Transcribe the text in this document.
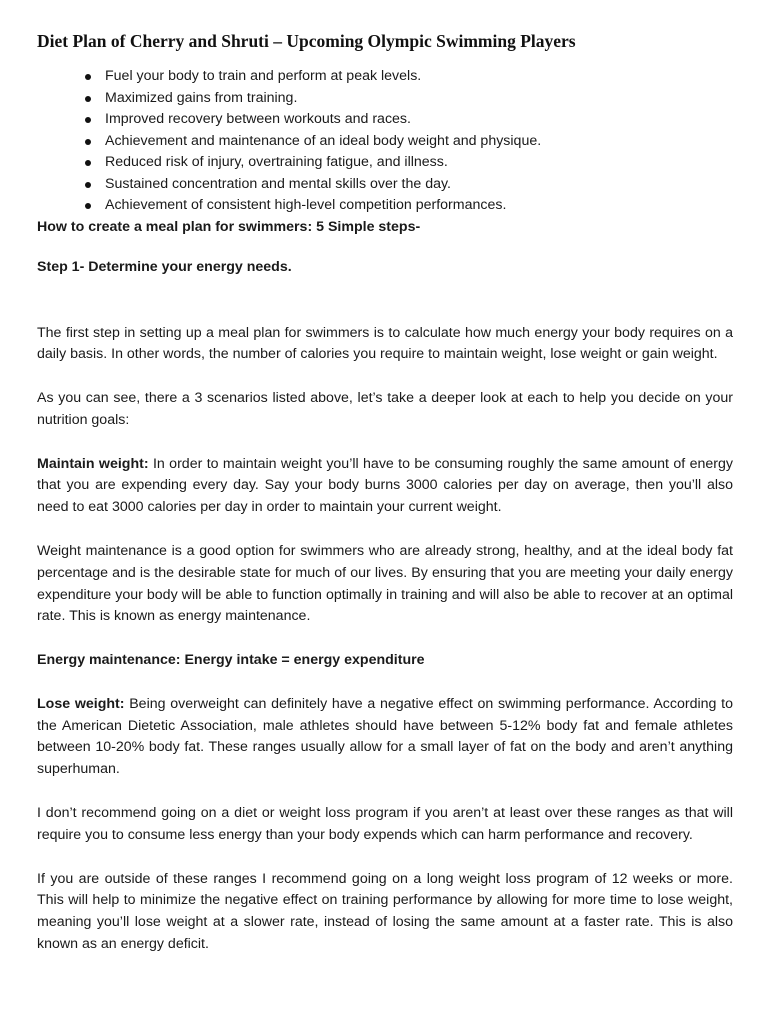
Diet Plan of Cherry and Shruti – Upcoming Olympic Swimming Players
Fuel your body to train and perform at peak levels.
Maximized gains from training.
Improved recovery between workouts and races.
Achievement and maintenance of an ideal body weight and physique.
Reduced risk of injury, overtraining fatigue, and illness.
Sustained concentration and mental skills over the day.
Achievement of consistent high-level competition performances.
How to create a meal plan for swimmers: 5 Simple steps-
Step 1- Determine your energy needs.

The first step in setting up a meal plan for swimmers is to calculate how much energy your body requires on a daily basis. In other words, the number of calories you require to maintain weight, lose weight or gain weight.

As you can see, there a 3 scenarios listed above, let’s take a deeper look at each to help you decide on your nutrition goals:

Maintain weight: In order to maintain weight you’ll have to be consuming roughly the same amount of energy that you are expending every day. Say your body burns 3000 calories per day on average, then you’ll also need to eat 3000 calories per day in order to maintain your current weight.

Weight maintenance is a good option for swimmers who are already strong, healthy, and at the ideal body fat percentage and is the desirable state for much of our lives. By ensuring that you are meeting your daily energy expenditure your body will be able to function optimally in training and will also be able to recover at an optimal rate. This is known as energy maintenance.

Energy maintenance: Energy intake = energy expenditure

Lose weight: Being overweight can definitely have a negative effect on swimming performance. According to the American Dietetic Association, male athletes should have between 5-12% body fat and female athletes between 10-20% body fat. These ranges usually allow for a small layer of fat on the body and aren’t anything superhuman.

I don’t recommend going on a diet or weight loss program if you aren’t at least over these ranges as that will require you to consume less energy than your body expends which can harm performance and recovery.

If you are outside of these ranges I recommend going on a long weight loss program of 12 weeks or more. This will help to minimize the negative effect on training performance by allowing for more time to lose weight, meaning you’ll lose weight at a slower rate, instead of losing the same amount at a faster rate. This is also known as an energy deficit.
